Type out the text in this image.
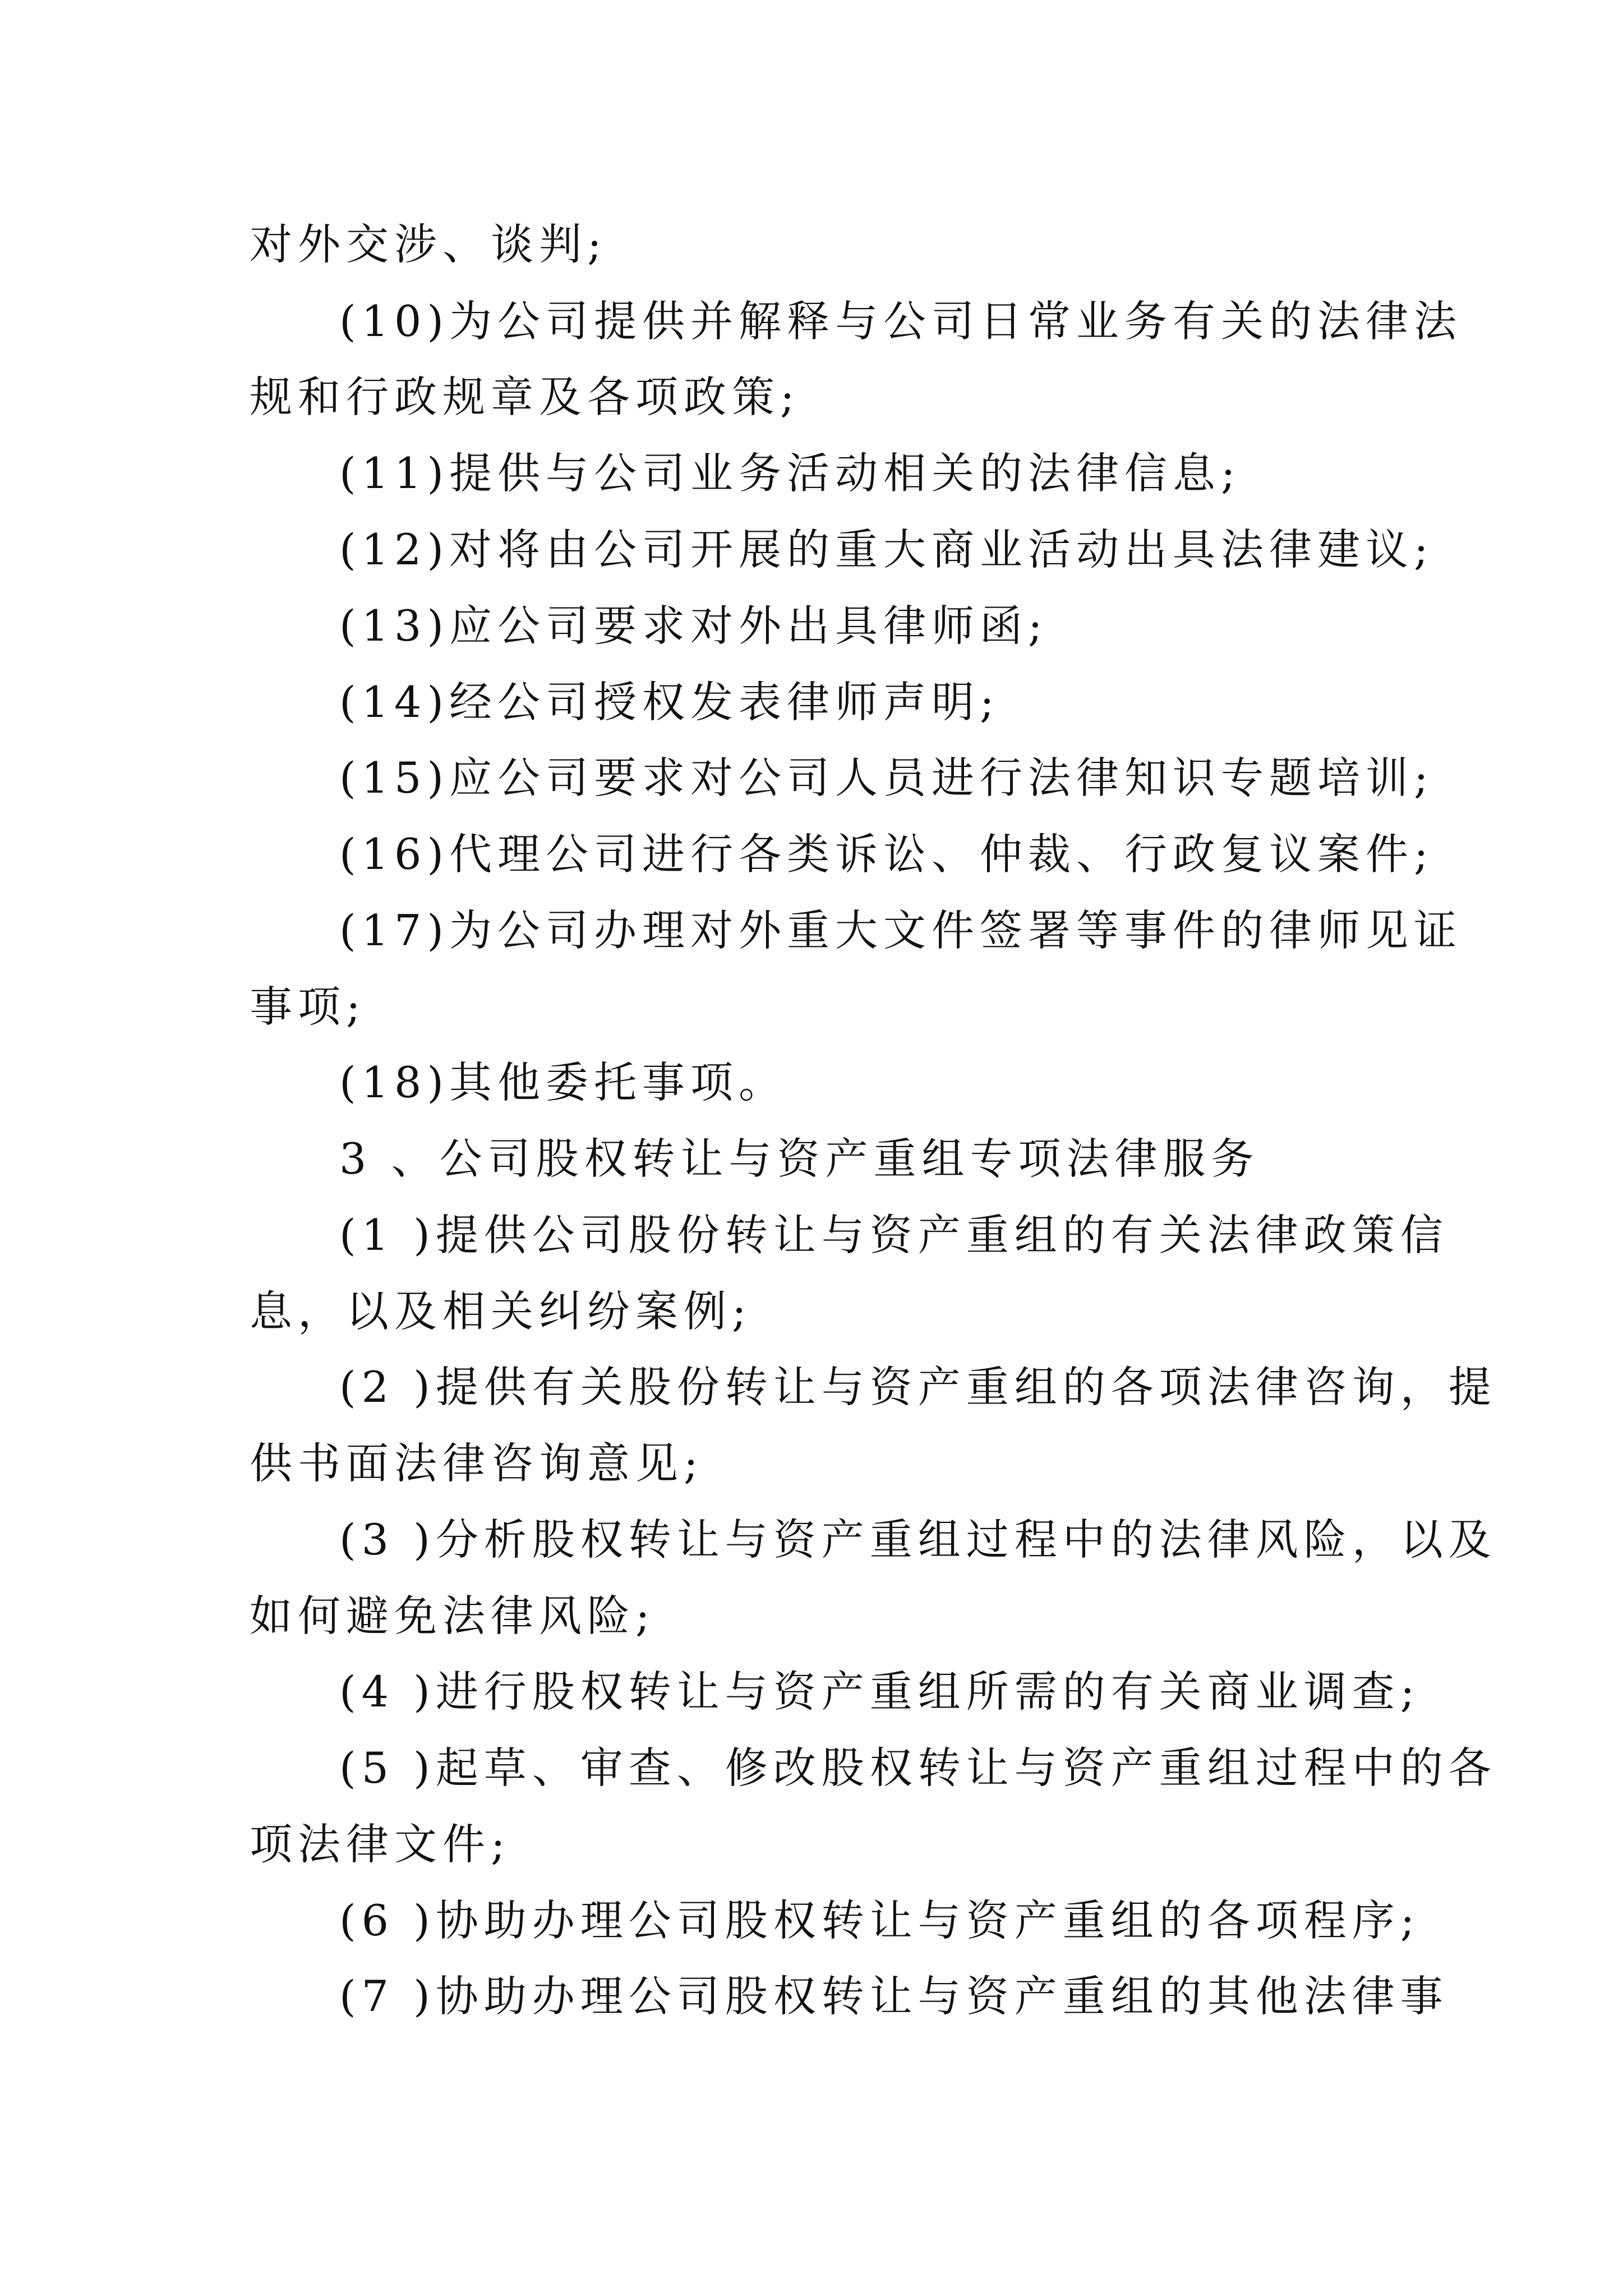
对外交涉、谈判;

(10)为公司提供并解释与公司日常业务有关的法律法

规和行政规章及各项政策;

(11)提供与公司业务活动相关的法律信息;

(12)对将由公司开展的重大商业活动出具法律建议;

(13)应公司要求对外出具律师函;

(14)经公司授权发表律师声明;

(15)应公司要求对公司人员进行法律知识专题培训;

(16)代理公司进行各类诉讼、仲裁、行政复议案件;

(17)为公司办理对外重大文件签署等事件的律师见证

事项;

(18)其他委托事项。

3 、公司股权转让与资产重组专项法律服务

(1 )提供公司股份转让与资产重组的有关法律政策信

息，以及相关纠纷案例;

(2 )提供有关股份转让与资产重组的各项法律咨询，提

供书面法律咨询意见;

(3 )分析股权转让与资产重组过程中的法律风险，以及

如何避免法律风险;

(4 )进行股权转让与资产重组所需的有关商业调查;

(5 )起草、审查、修改股权转让与资产重组过程中的各

项法律文件;

(6 )协助办理公司股权转让与资产重组的各项程序;

(7 )协助办理公司股权转让与资产重组的其他法律事
